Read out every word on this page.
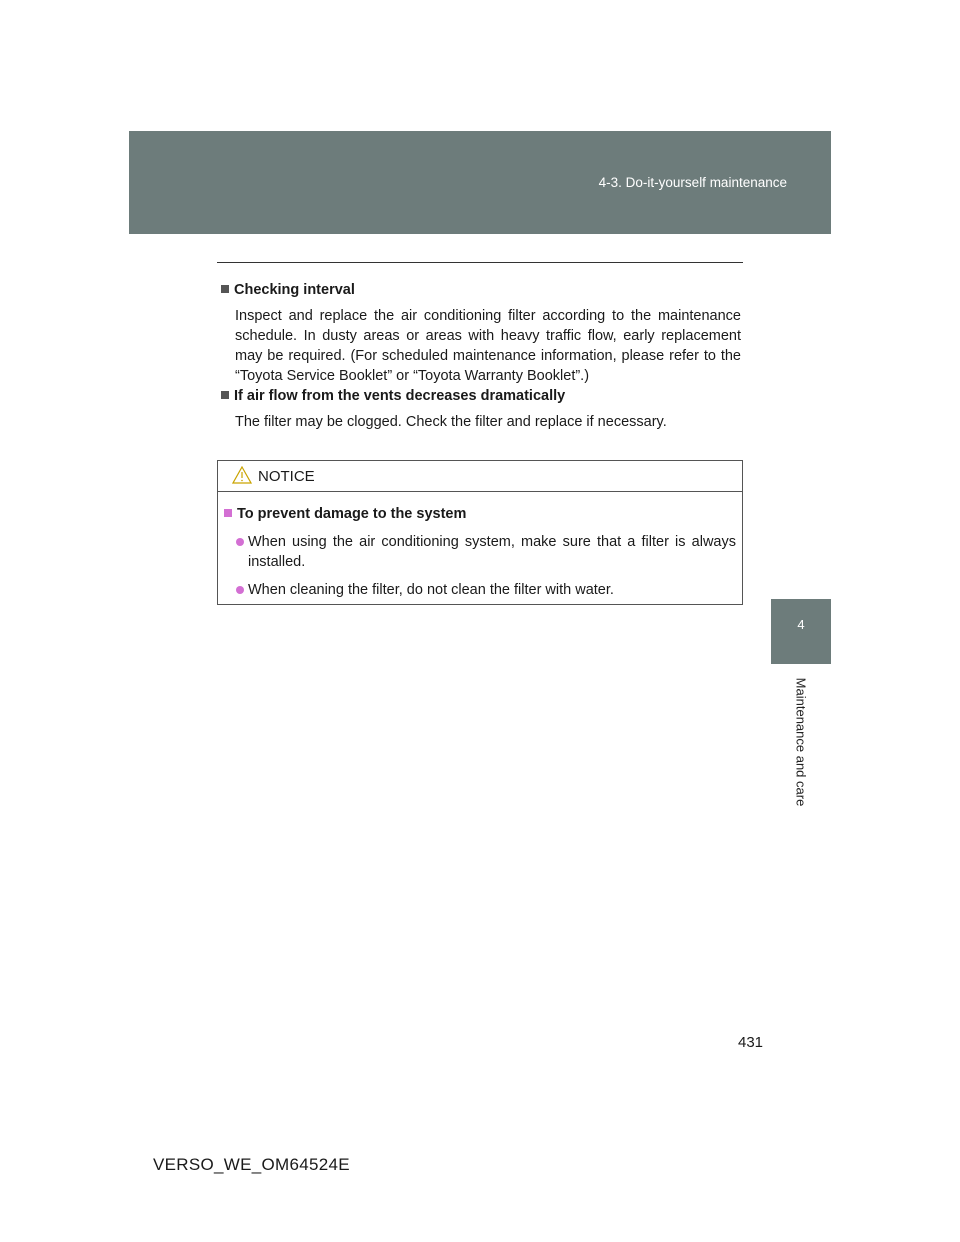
4-3. Do-it-yourself maintenance
4
Maintenance and care
Checking interval
Inspect and replace the air conditioning filter according to the maintenance schedule. In dusty areas or areas with heavy traffic flow, early replacement may be required. (For scheduled maintenance information, please refer to the “Toyota Service Booklet” or “Toyota Warranty Booklet”.)
If air flow from the vents decreases dramatically
The filter may be clogged. Check the filter and replace if necessary.
NOTICE
To prevent damage to the system
When using the air conditioning system, make sure that a filter is always installed.
When cleaning the filter, do not clean the filter with water.
431
VERSO_WE_OM64524E
